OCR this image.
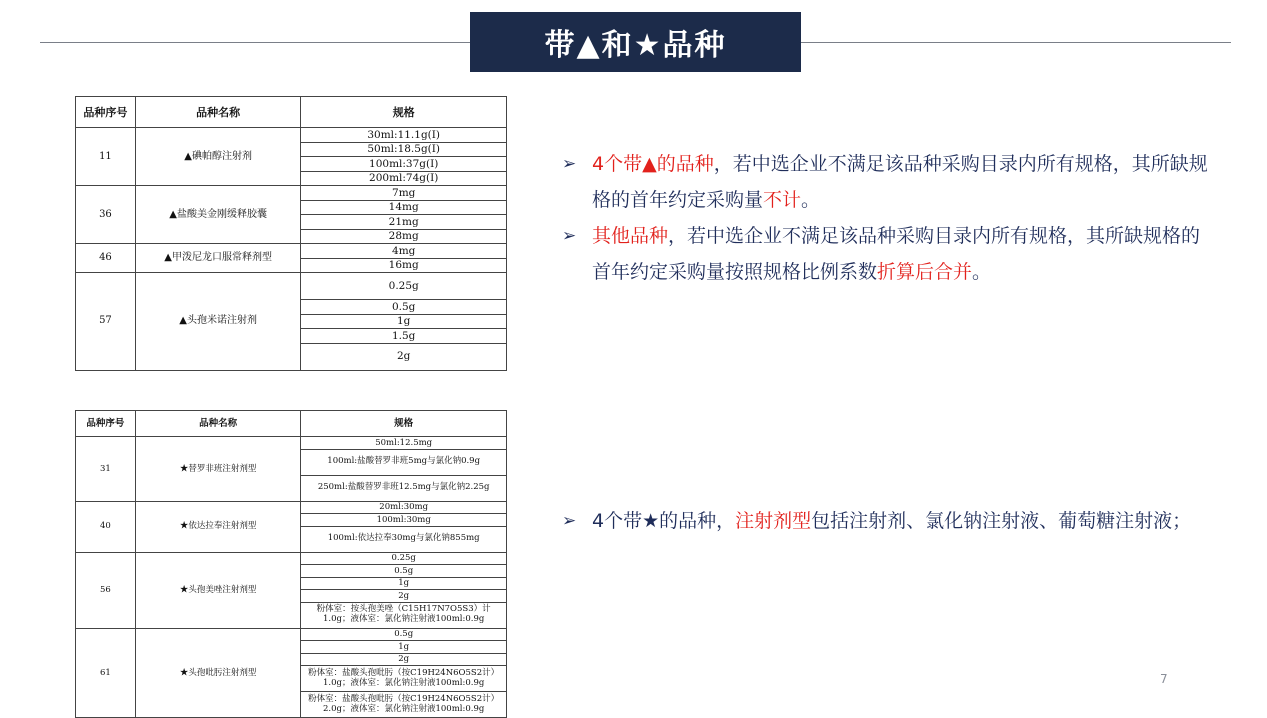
带▲和★品种
品种序号	品种名称	规格
11	▲碘帕醇注射剂	30ml:11.1g(I)
		50ml:18.5g(I)
		100ml:37g(I)
		200ml:74g(I)
36	▲盐酸美金刚缓释胶囊	7mg
		14mg
		21mg
		28mg
46	▲甲泼尼龙口服常释剂型	4mg
		16mg
57	▲头孢米诺注射剂	0.25g
		0.5g
		1g
		1.5g
		2g
品种序号	品种名称	规格
31	★替罗非班注射剂型	50ml:12.5mg
		100ml:盐酸替罗非班5mg与氯化钠0.9g
		250ml:盐酸替罗非班12.5mg与氯化钠2.25g
40	★依达拉奉注射剂型	20ml:30mg
		100ml:30mg
		100ml:依达拉奉30mg与氯化钠855mg
56	★头孢美唑注射剂型	0.25g
		0.5g
		1g
		2g
		粉体室：按头孢美唑（C15H17N7O5S3）计 1.0g；液体室：氯化钠注射液100ml:0.9g
61	★头孢吡肟注射剂型	0.5g
		1g
		2g
		粉体室：盐酸头孢吡肟（按C19H24N6O5S2计） 1.0g；液体室：氯化钠注射液100ml:0.9g
		粉体室：盐酸头孢吡肟（按C19H24N6O5S2计） 2.0g；液体室：氯化钠注射液100ml:0.9g
➢ 4个带▲的品种，若中选企业不满足该品种采购目录内所有规格，其所缺规格的首年约定采购量不计。
➢ 其他品种，若中选企业不满足该品种采购目录内所有规格，其所缺规格的首年约定采购量按照规格比例系数折算后合并。
➢ 4个带★的品种，注射剂型包括注射剂、氯化钠注射液、葡萄糖注射液；
7
